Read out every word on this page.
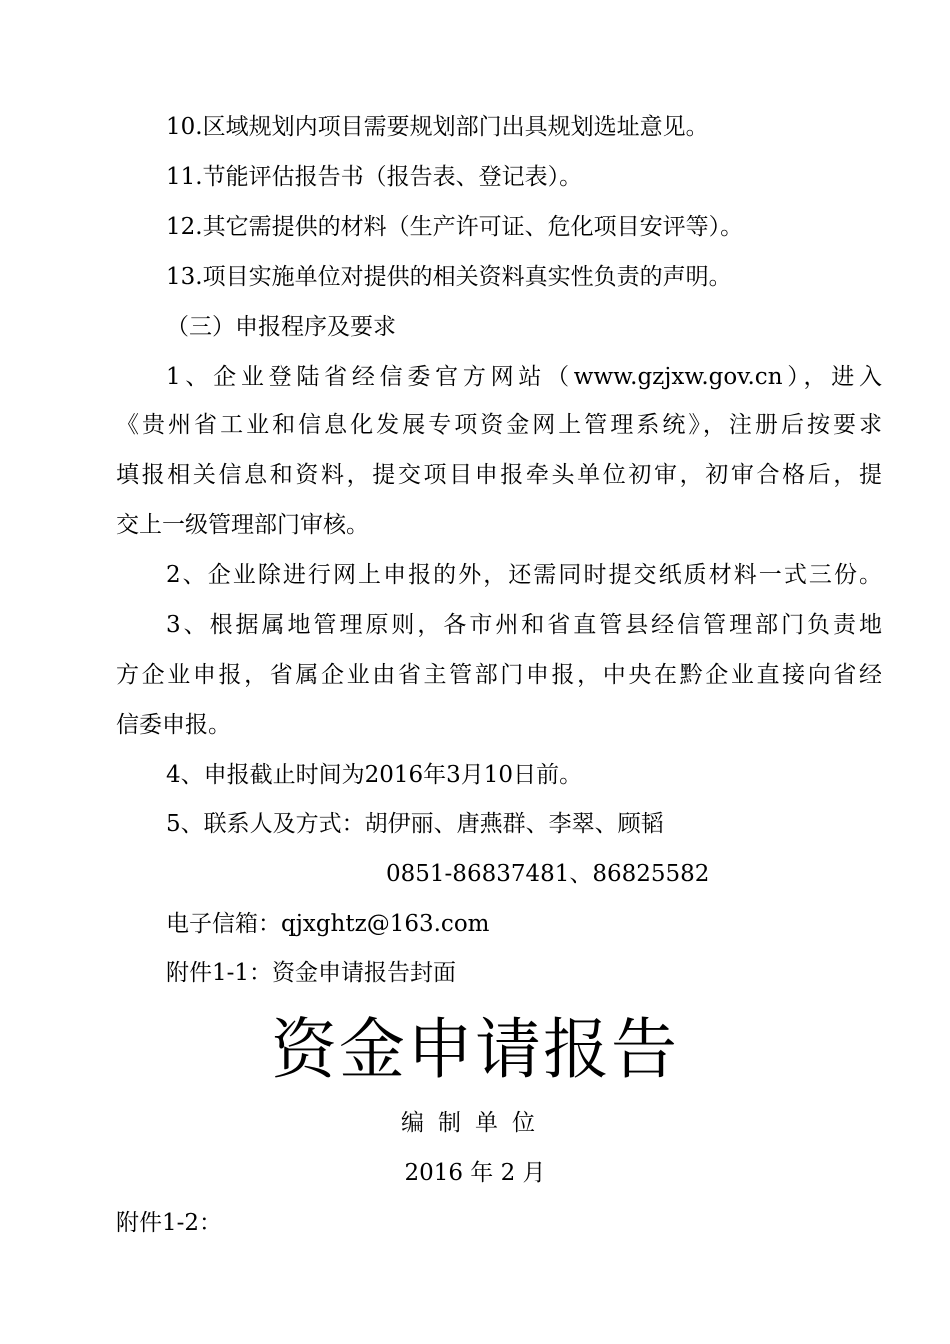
10.区域规划内项目需要规划部门出具规划选址意见。
11.节能评估报告书（报告表、登记表）。
12.其它需提供的材料（生产许可证、危化项目安评等）。
13.项目实施单位对提供的相关资料真实性负责的声明。
（三）申报程序及要求
1、企业登陆省经信委官方网站（www.gzjxw.gov.cn），进入
《贵州省工业和信息化发展专项资金网上管理系统》，注册后按要求
填报相关信息和资料，提交项目申报牵头单位初审，初审合格后，提
交上一级管理部门审核。
2、企业除进行网上申报的外，还需同时提交纸质材料一式三份。
3、根据属地管理原则，各市州和省直管县经信管理部门负责地
方企业申报，省属企业由省主管部门申报，中央在黔企业直接向省经
信委申报。
4、申报截止时间为2016年3月10日前。
5、联系人及方式：胡伊丽、唐燕群、李翠、顾韬
0851-86837481、86825582
电子信箱：qjxghtz@163.com
附件1-1：资金申请报告封面
资金申请报告
编制单位
2016 年 2 月
附件1-2：
